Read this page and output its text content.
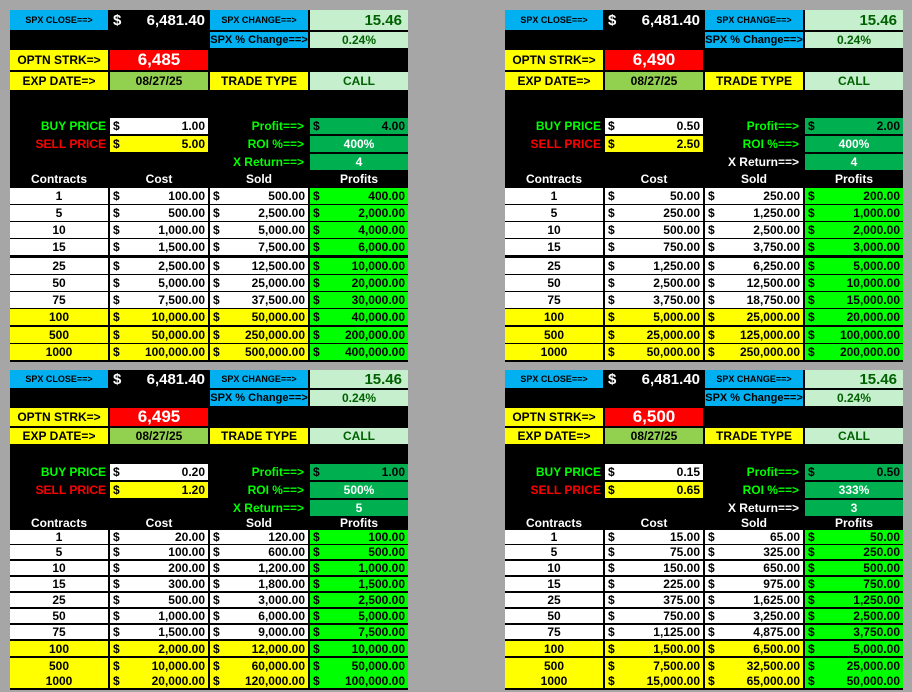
SPX CLOSE==> $ 6,481.40 SPX CHANGE==>	15.46
SPX % Change==>	0.24%
OPTN STRK=> 6,485
EXP DATE=>	08/27/25	TRADE TYPE	CALL
BUY PRICE $	1.00	Profit==> $	4.00
SELL PRICE $	5.00	ROI %==>	400%
X Return==>	4
Contracts	Cost	Sold	Profits
1	$	100.00 $	500.00 $	400.00
5	$	500.00 $	2,500.00 $	2,000.00
10	$	1,000.00 $	5,000.00 $	4,000.00
15	$	1,500.00 $	7,500.00 $	6,000.00
25	$	2,500.00 $	12,500.00 $	10,000.00
50	$	5,000.00 $	25,000.00 $	20,000.00
75	$	7,500.00 $	37,500.00 $	30,000.00
100	$	10,000.00 $	50,000.00 $	40,000.00
500	$	50,000.00 $ 250,000.00 $ 200,000.00
1000	$ 100,000.00 $ 500,000.00 $ 400,000.00
SPX CLOSE==> $ 6,481.40 SPX CHANGE==>	15.46
SPX % Change==>	0.24%
OPTN STRK=> 6,490
EXP DATE=>	08/27/25	TRADE TYPE	CALL
BUY PRICE $	0.50	Profit==> $	2.00
SELL PRICE $	2.50	ROI %==>	400%
X Return==>	4
Contracts	Cost	Sold	Profits
1	$	50.00 $	250.00 $	200.00
5	$	250.00 $	1,250.00 $	1,000.00
10	$	500.00 $	2,500.00 $	2,000.00
15	$	750.00 $	3,750.00 $	3,000.00
25	$	1,250.00 $	6,250.00 $	5,000.00
50	$	2,500.00 $	12,500.00 $	10,000.00
75	$	3,750.00 $	18,750.00 $	15,000.00
100	$	5,000.00 $	25,000.00 $	20,000.00
500	$	25,000.00 $ 125,000.00 $ 100,000.00
1000	$	50,000.00 $ 250,000.00 $ 200,000.00
SPX CLOSE==> $ 6,481.40 SPX CHANGE==>	15.46
SPX % Change==>	0.24%
OPTN STRK=> 6,495
EXP DATE=>	08/27/25	TRADE TYPE	CALL
BUY PRICE $	0.20	Profit==> $	1.00
SELL PRICE $	1.20	ROI %==>	500%
X Return==>	5
Contracts	Cost	Sold	Profits
1	$	20.00 $	120.00 $	100.00
5	$	100.00 $	600.00 $	500.00
10	$	200.00 $	1,200.00 $	1,000.00
15	$	300.00 $	1,800.00 $	1,500.00
25	$	500.00 $	3,000.00 $	2,500.00
50	$	1,000.00 $	6,000.00 $	5,000.00
75	$	1,500.00 $	9,000.00 $	7,500.00
100	$	2,000.00 $	12,000.00 $	10,000.00
500	$	10,000.00 $	60,000.00 $	50,000.00
1000	$	20,000.00 $ 120,000.00 $ 100,000.00
SPX CLOSE==> $ 6,481.40 SPX CHANGE==>	15.46
SPX % Change==>	0.24%
OPTN STRK=> 6,500
EXP DATE=>	08/27/25	TRADE TYPE	CALL
BUY PRICE $	0.15	Profit==> $	0.50
SELL PRICE $	0.65	ROI %==>	333%
X Return==>	3
Contracts	Cost	Sold	Profits
1	$	15.00 $	65.00 $	50.00
5	$	75.00 $	325.00 $	250.00
10	$	150.00 $	650.00 $	500.00
15	$	225.00 $	975.00 $	750.00
25	$	375.00 $	1,625.00 $	1,250.00
50	$	750.00 $	3,250.00 $	2,500.00
75	$	1,125.00 $	4,875.00 $	3,750.00
100	$	1,500.00 $	6,500.00 $	5,000.00
500	$	7,500.00 $	32,500.00 $	25,000.00
1000	$	15,000.00 $	65,000.00 $	50,000.00
